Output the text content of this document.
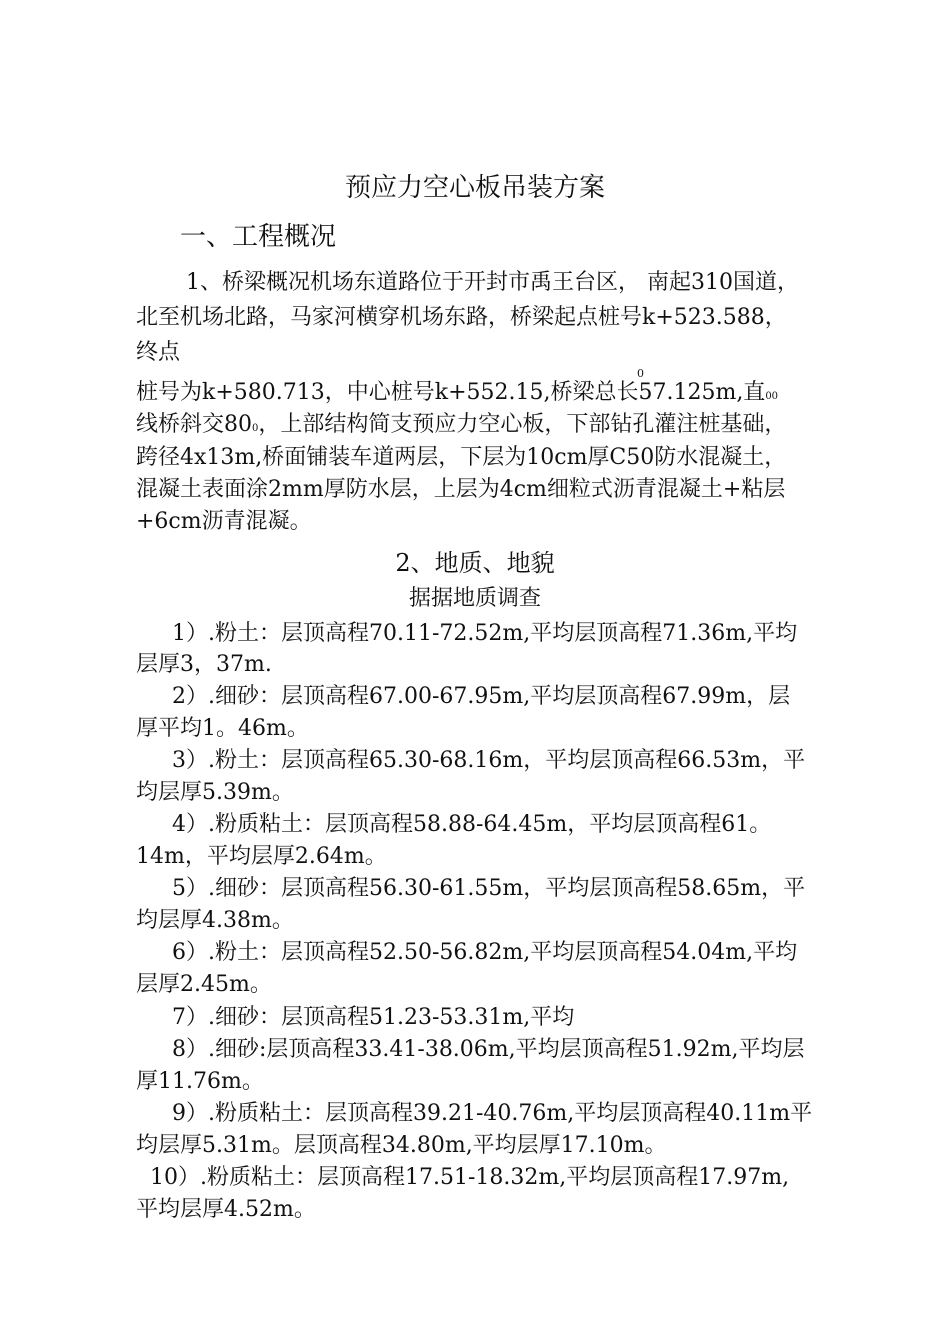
预应力空心板吊装方案
一、工程概况
1、桥梁概况机场东道路位于开封市禹王台区， 南起310国道，
北至机场北路，马家河横穿机场东路，桥梁起点桩号k+523.588，
终点
0
桩号为k+580.713，中心桩号k+552.15,桥梁总长57.125m,直00
线桥斜交800，上部结构简支预应力空心板，下部钻孔灌注桩基础，
跨径4x13m,桥面铺装车道两层，下层为10cm厚C50防水混凝土，
混凝土表面涂2mm厚防水层，上层为4cm细粒式沥青混凝土+粘层
+6cm沥青混凝。
2、地质、地貌
据据地质调查
1）.粉土：层顶高程70.11-72.52m,平均层顶高程71.36m,平均
层厚3，37m.
2）.细砂：层顶高程67.00-67.95m,平均层顶高程67.99m，层
厚平均1。46m。
3）.粉土：层顶高程65.30-68.16m，平均层顶高程66.53m，平
均层厚5.39m。
4）.粉质粘土：层顶高程58.88-64.45m，平均层顶高程61。
14m，平均层厚2.64m。
5）.细砂：层顶高程56.30-61.55m，平均层顶高程58.65m，平
均层厚4.38m。
6）.粉土：层顶高程52.50-56.82m,平均层顶高程54.04m,平均
层厚2.45m。
7）.细砂：层顶高程51.23-53.31m,平均
8）.细砂:层顶高程33.41-38.06m,平均层顶高程51.92m,平均层
厚11.76m。
9）.粉质粘土：层顶高程39.21-40.76m,平均层顶高程40.11m平
均层厚5.31m。层顶高程34.80m,平均层厚17.10m。
10）.粉质粘土：层顶高程17.51-18.32m,平均层顶高程17.97m,
平均层厚4.52m。
